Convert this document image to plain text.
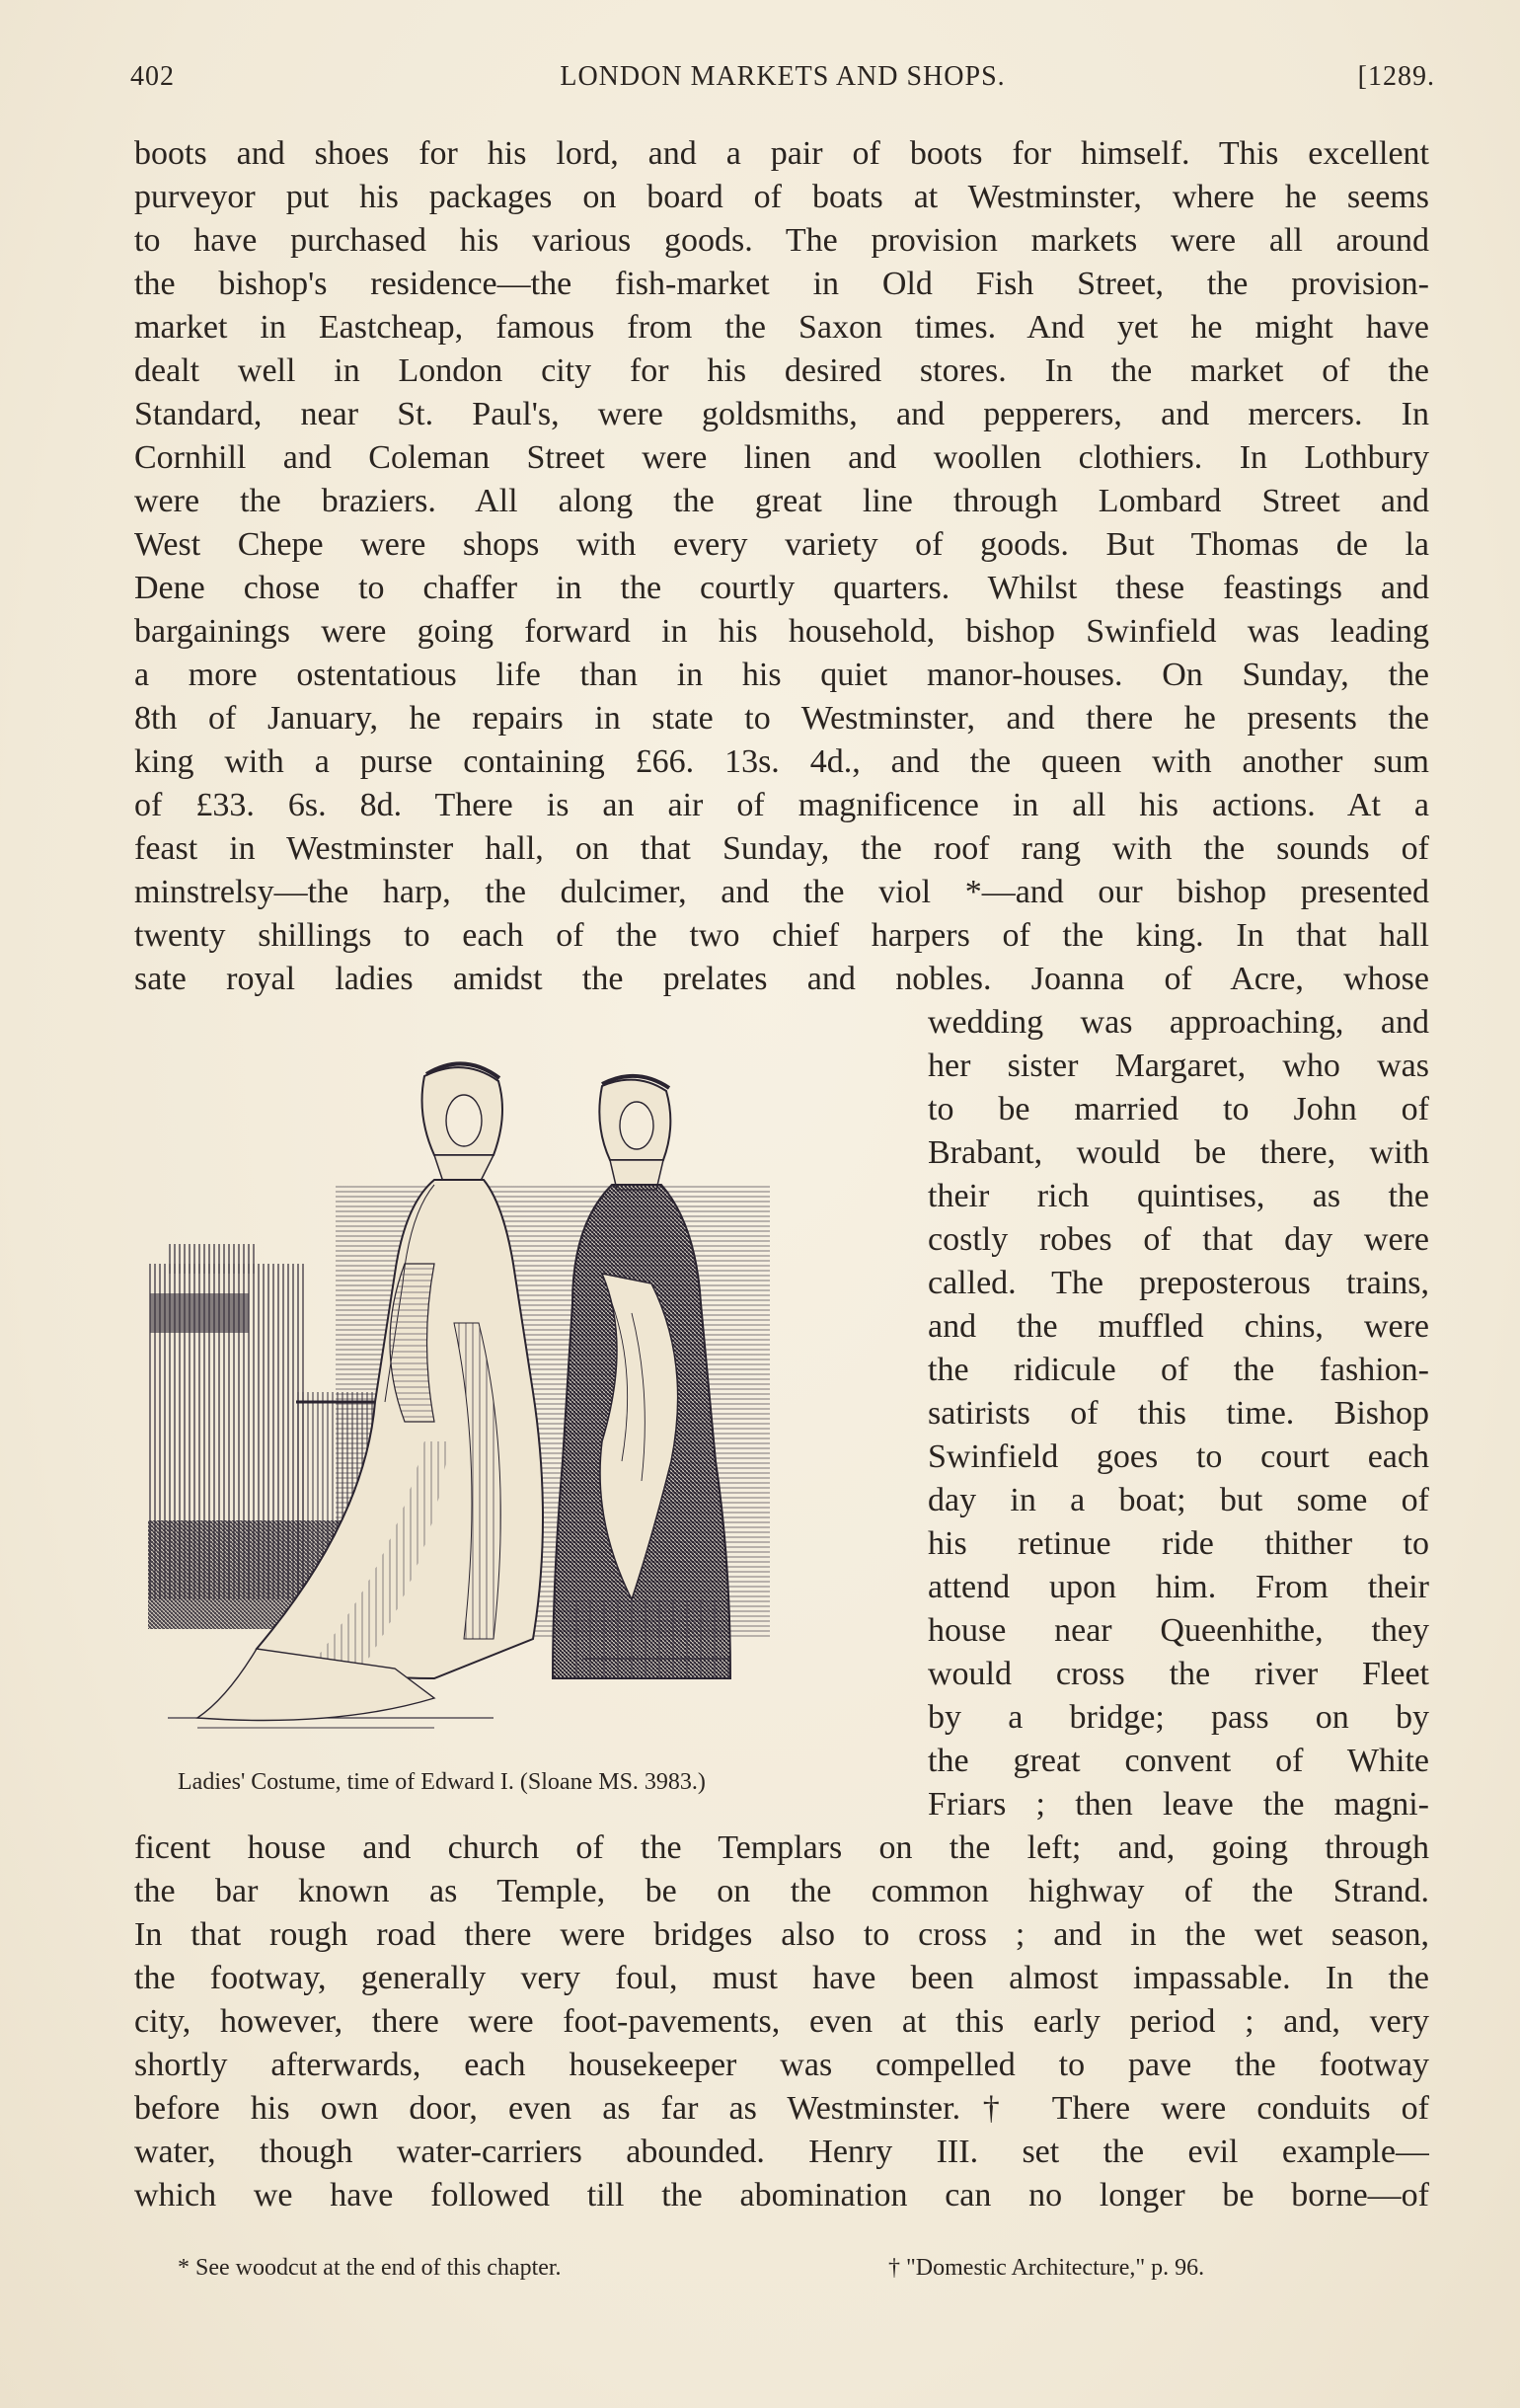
402	LONDON MARKETS AND SHOPS.	[1289.
boots and shoes for his lord, and a pair of boots for himself. This excellent
purveyor put his packages on board of boats at Westminster, where he seems
to have purchased his various goods. The provision markets were all around
the bishop's residence—the fish-market in Old Fish Street, the provision-
market in Eastcheap, famous from the Saxon times. And yet he might have
dealt well in London city for his desired stores. In the market of the
Standard, near St. Paul's, were goldsmiths, and pepperers, and mercers. In
Cornhill and Coleman Street were linen and woollen clothiers. In Lothbury
were the braziers. All along the great line through Lombard Street and
West Chepe were shops with every variety of goods. But Thomas de la
Dene chose to chaffer in the courtly quarters. Whilst these feastings and
bargainings were going forward in his household, bishop Swinfield was leading
a more ostentatious life than in his quiet manor-houses. On Sunday, the
8th of January, he repairs in state to Westminster, and there he presents the
king with a purse containing £66. 13s. 4d., and the queen with another sum
of £33. 6s. 8d. There is an air of magnificence in all his actions. At a
feast in Westminster hall, on that Sunday, the roof rang with the sounds of
minstrelsy—the harp, the dulcimer, and the viol *—and our bishop presented
twenty shillings to each of the two chief harpers of the king. In that hall
sate royal ladies amidst the prelates and nobles. Joanna of Acre, whose
wedding was approaching, and
her sister Margaret, who was
to be married to John of
Brabant, would be there, with
their rich quintises, as the
costly robes of that day were
called. The preposterous trains,
and the muffled chins, were
the ridicule of the fashion-
satirists of this time. Bishop
Swinfield goes to court each
day in a boat; but some of
his retinue ride thither to
attend upon him. From their
house near Queenhithe, they
would cross the river Fleet
by a bridge; pass on by
the great convent of White
Friars ; then leave the magni-
ficent house and church of the Templars on the left; and, going through
the bar known as Temple, be on the common highway of the Strand.
In that rough road there were bridges also to cross ; and in the wet season,
the footway, generally very foul, must have been almost impassable. In the
city, however, there were foot-pavements, even at this early period ; and, very
shortly afterwards, each housekeeper was compelled to pave the footway
before his own door, even as far as Westminster.† There were conduits of
water, though water-carriers abounded. Henry III. set the evil example—
which we have followed till the abomination can no longer be borne—of
Ladies' Costume, time of Edward I. (Sloane MS. 3983.)
* See woodcut at the end of this chapter.	† "Domestic Architecture," p. 96.
